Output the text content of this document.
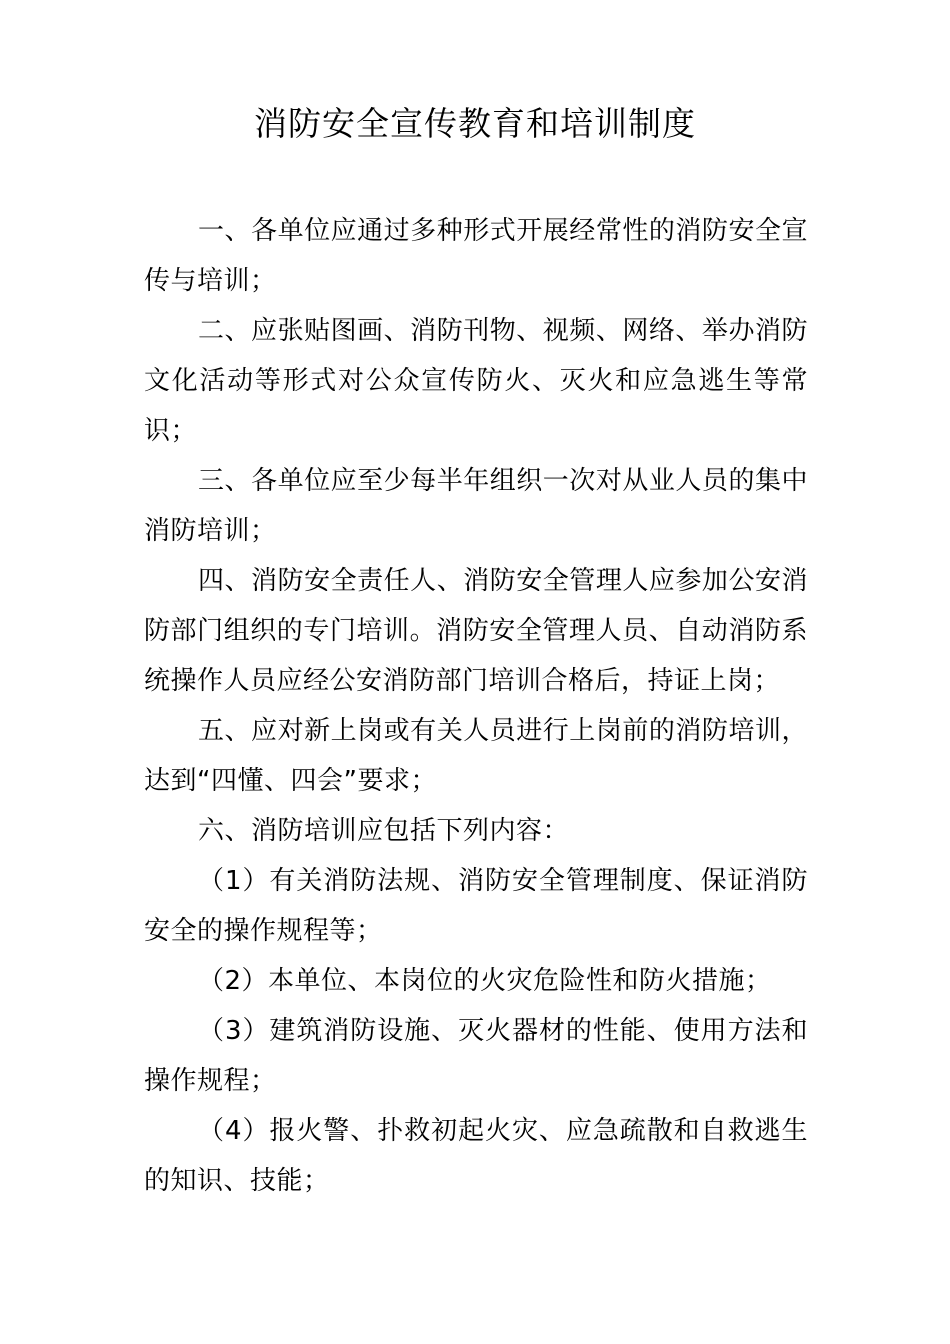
消防安全宣传教育和培训制度

一、各单位应通过多种形式开展经常性的消防安全宣传与培训；

二、应张贴图画、消防刊物、视频、网络、举办消防文化活动等形式对公众宣传防火、灭火和应急逃生等常识；

三、各单位应至少每半年组织一次对从业人员的集中消防培训；

四、消防安全责任人、消防安全管理人应参加公安消防部门组织的专门培训。消防安全管理人员、自动消防系统操作人员应经公安消防部门培训合格后，持证上岗；

五、应对新上岗或有关人员进行上岗前的消防培训，达到“四懂、四会”要求；

六、消防培训应包括下列内容：

（1）有关消防法规、消防安全管理制度、保证消防安全的操作规程等；

（2）本单位、本岗位的火灾危险性和防火措施；

（3）建筑消防设施、灭火器材的性能、使用方法和操作规程；

（4）报火警、扑救初起火灾、应急疏散和自救逃生的知识、技能；
